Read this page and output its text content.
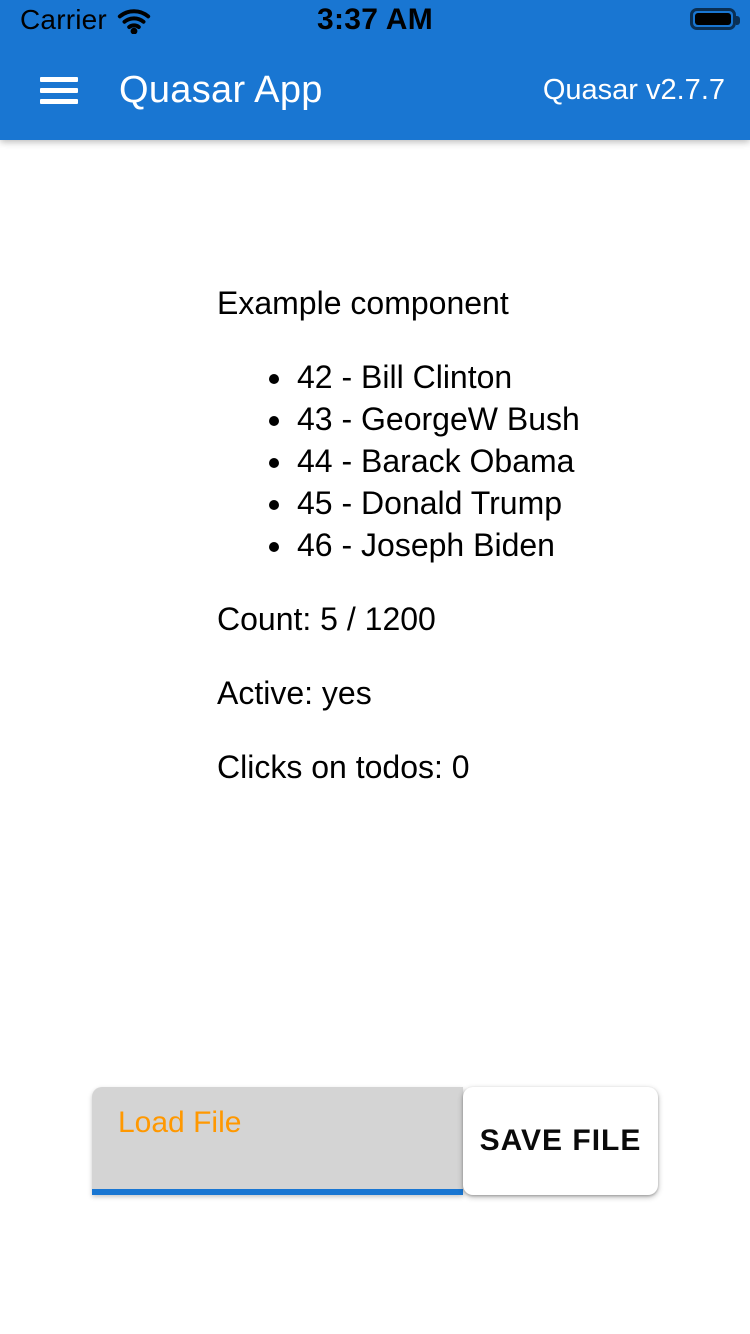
Carrier	3:37 AM
Quasar App	Quasar v2.7.7

Example component

• 42 - Bill Clinton
• 43 - GeorgeW Bush
• 44 - Barack Obama
• 45 - Donald Trump
• 46 - Joseph Biden

Count: 5 / 1200

Active: yes

Clicks on todos: 0

Load File
SAVE FILE
